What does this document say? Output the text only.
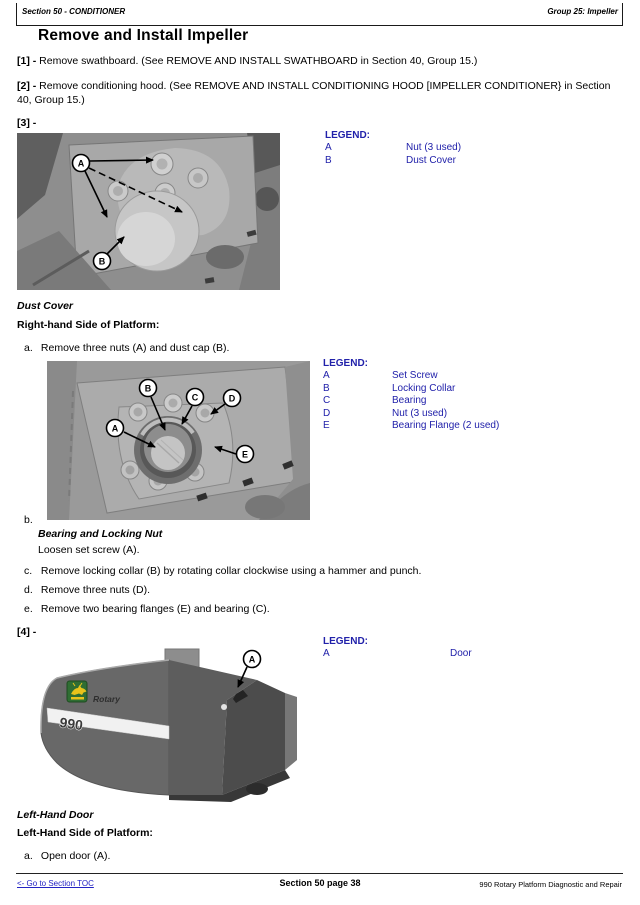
Section 50 - CONDITIONER	Group 25: Impeller
Remove and Install Impeller
[1] - Remove swathboard. (See REMOVE AND INSTALL SWATHBOARD in Section 40, Group 15.)
[2] - Remove conditioning hood. (See REMOVE AND INSTALL CONDITIONING HOOD [IMPELLER CONDITIONER} in Section 40, Group 15.)
[3] -
A
B
LEGEND:
A	Nut (3 used)
B	Dust Cover
Dust Cover
Right-hand Side of Platform:
a. Remove three nuts (A) and dust cap (B).
B
C	D
A
E
LEGEND:
A	Set Screw
B	Locking Collar
C	Bearing
D	Nut (3 used)
E	Bearing Flange (2 used)
b.
Bearing and Locking Nut
Loosen set screw (A).
c. Remove locking collar (B) by rotating collar clockwise using a hammer and punch.
d. Remove three nuts (D).
e. Remove two bearing flanges (E) and bearing (C).
[4] -
Rotary
990
A
LEGEND:
A	Door
Left-Hand Door
Left-Hand Side of Platform:
a. Open door (A).
<- Go to Section TOC	Section 50 page 38	990 Rotary Platform Diagnostic and Repair
